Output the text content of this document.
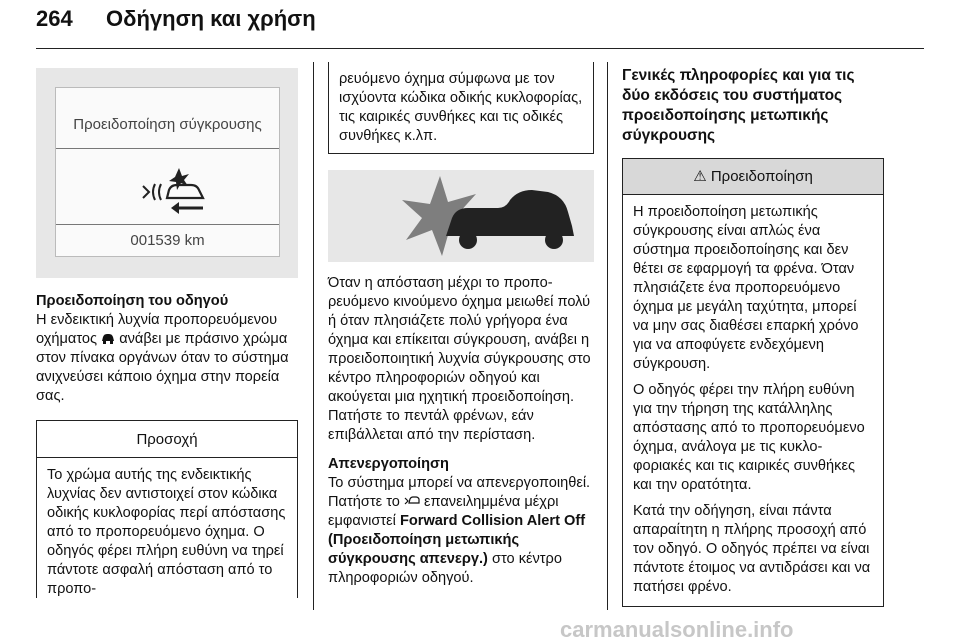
264 Οδήγηση και χρήση
Προειδοποίηση σύγκρουσης
001539 km

Προειδοποίηση του οδηγού

Η ενδεικτική λυχνία προπορευόμενου οχήματος ανάβει με πράσινο χρώμα στον πίνακα οργάνων όταν το σύστημα ανιχνεύσει κάποιο όχημα στην πορεία σας.

Προσοχή
Το χρώμα αυτής της ενδεικτικής λυχνίας δεν αντιστοιχεί στον κώδικα οδικής κυκλοφορίας περί απόστασης από το προπορευόμενο όχημα. Ο οδηγός φέρει πλήρη ευθύνη να τηρεί πάντοτε ασφαλή απόσταση από το προπο-
ρευόμενο όχημα σύμφωνα με τον ισχύοντα κώδικα οδικής κυκλοφορίας, τις καιρικές συνθήκες και τις οδικές συνθήκες κ.λπ.

Όταν η απόσταση μέχρι το προπορευόμενο κινούμενο όχημα μειωθεί πολύ ή όταν πλησιάζετε πολύ γρήγορα ένα όχημα και επίκειται σύγκρουση, ανάβει η προειδοποιητική λυχνία σύγκρουσης στο κέντρο πληροφοριών οδηγού και ακούγεται μια ηχητική προειδοποίηση. Πατήστε το πεντάλ φρένων, εάν επιβάλλεται από την περίσταση.

Απενεργοποίηση

Το σύστημα μπορεί να απενεργοποιηθεί. Πατήστε το επανειλημμένα μέχρι εμφανιστεί Forward Collision Alert Off (Προειδοποίηση μετωπικής σύγκρουσης απενεργ.) στο κέντρο πληροφοριών οδηγού.

Γενικές πληροφορίες και για τις δύο εκδόσεις του συστήματος προειδοποίησης μετωπικής σύγκρουσης

⚠ Προειδοποίηση

Η προειδοποίηση μετωπικής σύγκρουσης είναι απλώς ένα σύστημα προειδοποίησης και δεν θέτει σε εφαρμογή τα φρένα. Όταν πλησιάζετε ένα προπορευόμενο όχημα με μεγάλη ταχύτητα, μπορεί να μην σας διαθέσει επαρκή χρόνο για να αποφύγετε ενδεχόμενη σύγκρουση.

Ο οδηγός φέρει την πλήρη ευθύνη για την τήρηση της κατάλληλης απόστασης από το προπορευόμενο όχημα, ανάλογα με τις κυκλοφοριακές και τις καιρικές συνθήκες και την ορατότητα.

Κατά την οδήγηση, είναι πάντα απαραίτητη η πλήρης προσοχή από τον οδηγό. Ο οδηγός πρέπει να είναι πάντοτε έτοιμος να αντιδράσει και να πατήσει φρένο.

carmanualsonline.info
